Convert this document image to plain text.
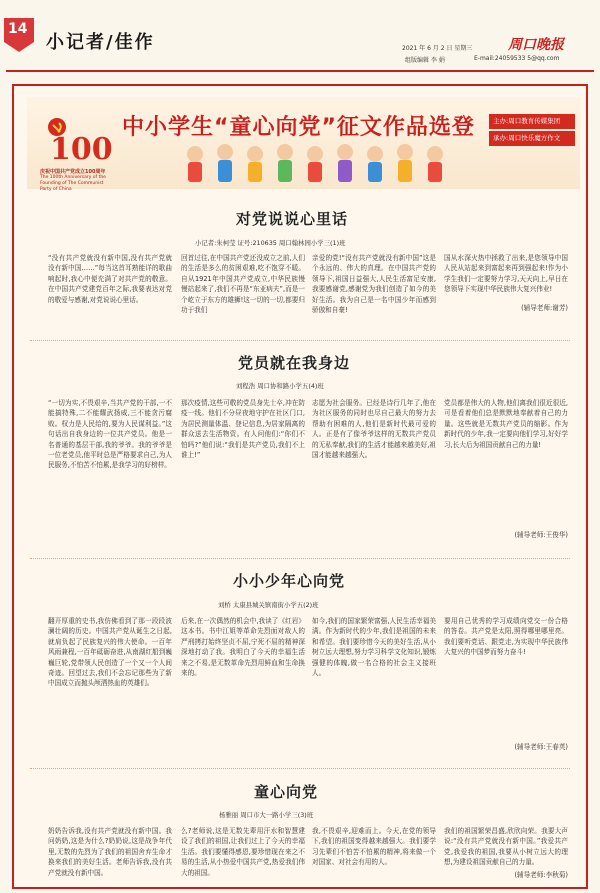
14
小记者/佳作	2021 年 6 月 2 日 星期三
组版编辑 李 娟
周口晚报
E-mail:24059533 5@qq.com
100
庆祝中国共产党成立100周年
The 100th Anniversary of the Founding of The Communist Party of China
中小学生“童心向党”征文作品选登	主办:周口教育传媒集团
承办:周口快乐魔方作文
对党说说心里话
小记者:朱柯莹 证号:210635 周口翰林园小学三(1)班

“没有共产党就没有新中国,没有共产党就没有新中国……”每当这首耳熟能详的歌曲响起时,我心中便充满了对共产党的敬意。在中国共产党建党百年之际,我要表达对党的敬爱与感谢,对党说说心里话。

回首过往,在中国共产党还没成立之前,人们的生活是多么的贫困艰难,吃不饱穿不暖。自从1921年中国共产党成立,中华民族慢慢站起来了,我们不再是“东亚病夫”,而是一个屹立于东方的雄狮!这一切的一切,都要归功于我们

亲爱的党!“没有共产党就没有新中国”这是个永远的、伟大的真理。在中国共产党的领导下,祖国日益强大,人民生活富足安康,我要感谢党,感谢党为我们创造了如今的美好生活。我为自己是一名中国少年而感到骄傲和自豪!

国从水深火热中拯救了出来,是您领导中国人民从站起来到富起来再到强起来!作为小学生我们一定要努力学习,天天向上,早日在您领导下实现中华民族伟大复兴伟业!

(辅导老师:谢芳)
党员就在我身边
刘程浩 周口协和路小学五(4)班

“一切为实,不畏艰辛,当共产党的干部,一不能搞特殊,二不能耀武扬威,三不能贪污腐败。权力是人民给的,要为人民谋利益。”这句话出自我身边的一位共产党员。他是一名普通的基层干部,我的爷爷。我的爷爷是一位老党员,他平时总是严格要求自己,为人民服务,不怕苦不怕累,是我学习的好榜样。

那次疫情,这些可敬的党员身先士卒,冲在防疫一线。他们不分昼夜地守护在社区门口,为居民测量体温、登记信息,为居家隔离的群众送去生活物资。有人问他们:“你们不怕吗?”他们说:“我们是共产党员,我们不上谁上!”

志愿为社会服务。已经是诗行几年了,他在为社区服务的同时也尽自己最大的努力去帮助有困难的人,他们是新时代最可爱的人。正是有了像爷爷这样的无数共产党员的无私奉献,我们的生活才能越来越美好,祖国才能越来越强大。

党员都是伟大的人物,他们离我们很近很近,可是看着他们总是默默地奉献着自己的力量。这些就是无数共产党员的缩影。作为新时代的少年,我一定要向他们学习,好好学习,长大后为祖国贡献自己的力量!

(辅导老师:王俊华)
小小少年心向党
刘桥 太康县城关镇南街小学五(2)班

翻开厚重的史书,我仿佛看到了那一段段波澜壮阔的历史。中国共产党从诞生之日起,就肩负起了民族复兴的伟大使命。一百年风雨兼程,一百年砥砺奋进,从南湖红船到巍巍巨轮,党带领人民创造了一个又一个人间奇迹。回望过去,我们不会忘记那些为了新中国成立而抛头颅洒热血的英雄们。

后来,在一次偶然的机会中,我读了《红岩》这本书。书中江姐等革命先烈面对敌人的严刑拷打始终坚贞不屈,宁死不屈的精神深深地打动了我。我明白了今天的幸福生活来之不易,是无数革命先烈用鲜血和生命换来的。

如今,我们的国家繁荣富强,人民生活幸福美满。作为新时代的少年,我们是祖国的未来和希望。我们要珍惜今天的美好生活,从小树立远大理想,努力学习科学文化知识,锻炼强健的体魄,做一名合格的社会主义接班人。

要用自己优秀的学习成绩向党交一份合格的答卷。共产党是太阳,照得哪里哪里亮。我们要听党话、跟党走,为实现中华民族伟大复兴的中国梦而努力奋斗!

(辅导老师:王春英)
童心向党
杨雅丽 周口市大一路小学三(3)班

奶奶告诉我,没有共产党就没有新中国。我问奶奶,这是为什么?奶奶说,这是战争年代里,无数的先烈为了我们的祖国舍弃生命才换来我们的美好生活。老师告诉我,没有共产党就没有新中国。

么?老师说,这是无数先辈用汗水和智慧建设了我们的祖国,让我们过上了今天的幸福生活。我们要懂得感恩,要珍惜现在来之不易的生活,从小热爱中国共产党,热爱我们伟大的祖国。

我,不畏艰辛,迎难而上。今天,在党的领导下,我们的祖国变得越来越强大。我们要学习先辈们不怕苦不怕累的精神,将来做一个对国家、对社会有用的人。

我们的祖国繁荣昌盛,欣欣向荣。我要大声说:“没有共产党就没有新中国。”我爱共产党,我爱我的祖国,我要从小树立远大的理想,为建设祖国贡献自己的力量。

(辅导老师:李秋菊)
